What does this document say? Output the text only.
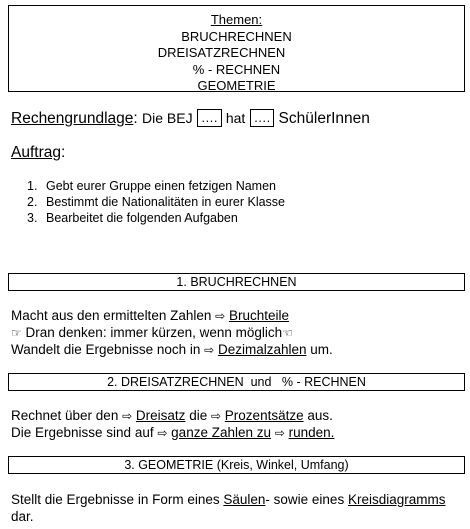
Themen:
BRUCHRECHNEN
DREISATZRECHNEN
% - RECHNEN
GEOMETRIE
Rechengrundlage: Die BEJ …. hat …. SchülerInnen
Auftrag:
1. Gebt eurer Gruppe einen fetzigen Namen
2. Bestimmt die Nationalitäten in eurer Klasse
3. Bearbeitet die folgenden Aufgaben
1. BRUCHRECHNEN
Macht aus den ermittelten Zahlen ⇨ Bruchteile
☞ Dran denken: immer kürzen, wenn möglich☜
Wandelt die Ergebnisse noch in ⇨ Dezimalzahlen um.
2. DREISATZRECHNEN  und   % - RECHNEN
Rechnet über den ⇨ Dreisatz die ⇨ Prozentsätze aus.
Die Ergebnisse sind auf ⇨ ganze Zahlen zu ⇨ runden.
3. GEOMETRIE (Kreis, Winkel, Umfang)
Stellt die Ergebnisse in Form eines Säulen- sowie eines Kreisdiagramms
dar.
